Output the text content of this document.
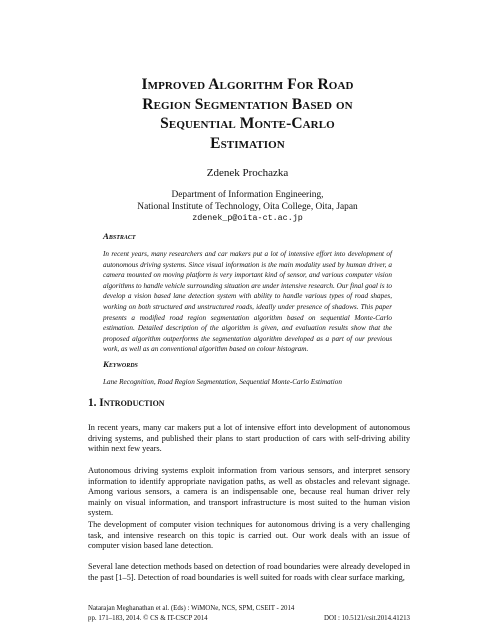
Improved Algorithm For Road
Region Segmentation Based on
Sequential Monte-Carlo
Estimation
Zdenek Prochazka
Department of Information Engineering,
National Institute of Technology, Oita College, Oita, Japan
zdenek_p@oita-ct.ac.jp
Abstract
In recent years, many researchers and car makers put a lot of intensive effort into development of autonomous driving systems. Since visual information is the main modality used by human driver, a camera mounted on moving platform is very important kind of sensor, and various computer vision algorithms to handle vehicle surrounding situation are under intensive research. Our final goal is to develop a vision based lane detection system with ability to handle various types of road shapes, working on both structured and unstructured roads, ideally under presence of shadows. This paper presents a modified road region segmentation algorithm based on sequential Monte-Carlo estimation. Detailed description of the algorithm is given, and evaluation results show that the proposed algorithm outperforms the segmentation algorithm developed as a part of our previous work, as well as an conventional algorithm based on colour histogram.
Keywords
Lane Recognition, Road Region Segmentation, Sequential Monte-Carlo Estimation
1. Introduction

In recent years, many car makers put a lot of intensive effort into development of autonomous driving systems, and published their plans to start production of cars with self-driving ability within next few years.

Autonomous driving systems exploit information from various sensors, and interpret sensory information to identify appropriate navigation paths, as well as obstacles and relevant signage. Among various sensors, a camera is an indispensable one, because real human driver rely mainly on visual information, and transport infrastructure is most suited to the human vision system.

The development of computer vision techniques for autonomous driving is a very challenging task, and intensive research on this topic is carried out. Our work deals with an issue of computer vision based lane detection.

Several lane detection methods based on detection of road boundaries were already developed in the past [1–5]. Detection of road boundaries is well suited for roads with clear surface marking,

Natarajan Meghanathan et al. (Eds) : WiMONe, NCS, SPM, CSEIT - 2014
pp. 171–183, 2014. © CS & IT-CSCP 2014	DOI : 10.5121/csit.2014.41213
